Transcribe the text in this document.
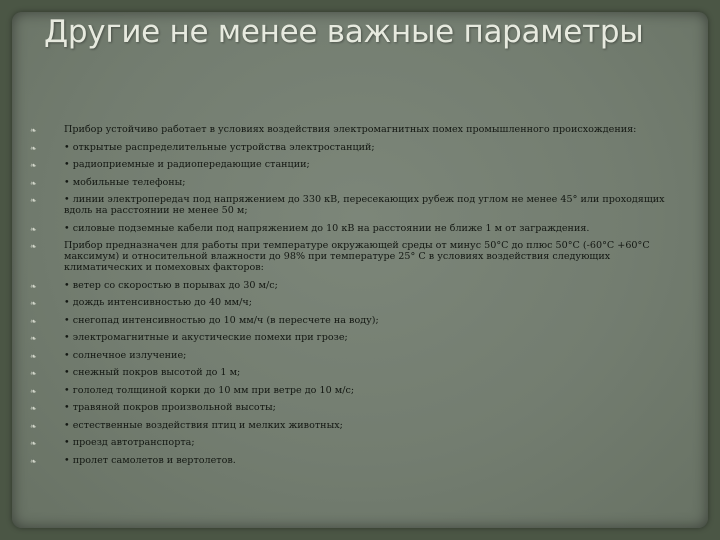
Другие не менее важные параметры
❧	Прибор устойчиво работает в условиях воздействия электромагнитных помех промышленного происхождения:
❧	• открытые распределительные устройства электростанций;
❧	• радиоприемные и радиопередающие станции;
❧	• мобильные телефоны;
❧	• линии электропередач под напряжением до 330 кВ, пересекающих рубеж под углом не менее 45° или проходящих вдоль на расстоянии не менее 50 м;
❧	• силовые подземные кабели под напряжением до 10 кВ на расстоянии не ближе 1 м от заграждения.
❧	Прибор предназначен для работы при температуре окружающей среды от минус 50°С до плюс 50°С (-60°С +60°С максимум) и относительной влажности до 98% при температуре 25° С в условиях воздействия следующих климатических и помеховых факторов:
❧	• ветер со скоростью в порывах до 30 м/с;
❧	• дождь интенсивностью до 40 мм/ч;
❧	• снегопад интенсивностью до 10 мм/ч (в пересчете на воду);
❧	• электромагнитные и акустические помехи при грозе;
❧	• солнечное излучение;
❧	• снежный покров высотой до 1 м;
❧	• гололед толщиной корки до 10 мм при ветре до 10 м/с;
❧	• травяной покров произвольной высоты;
❧	• естественные воздействия птиц и мелких животных;
❧	• проезд автотранспорта;
❧	• пролет самолетов и вертолетов.
